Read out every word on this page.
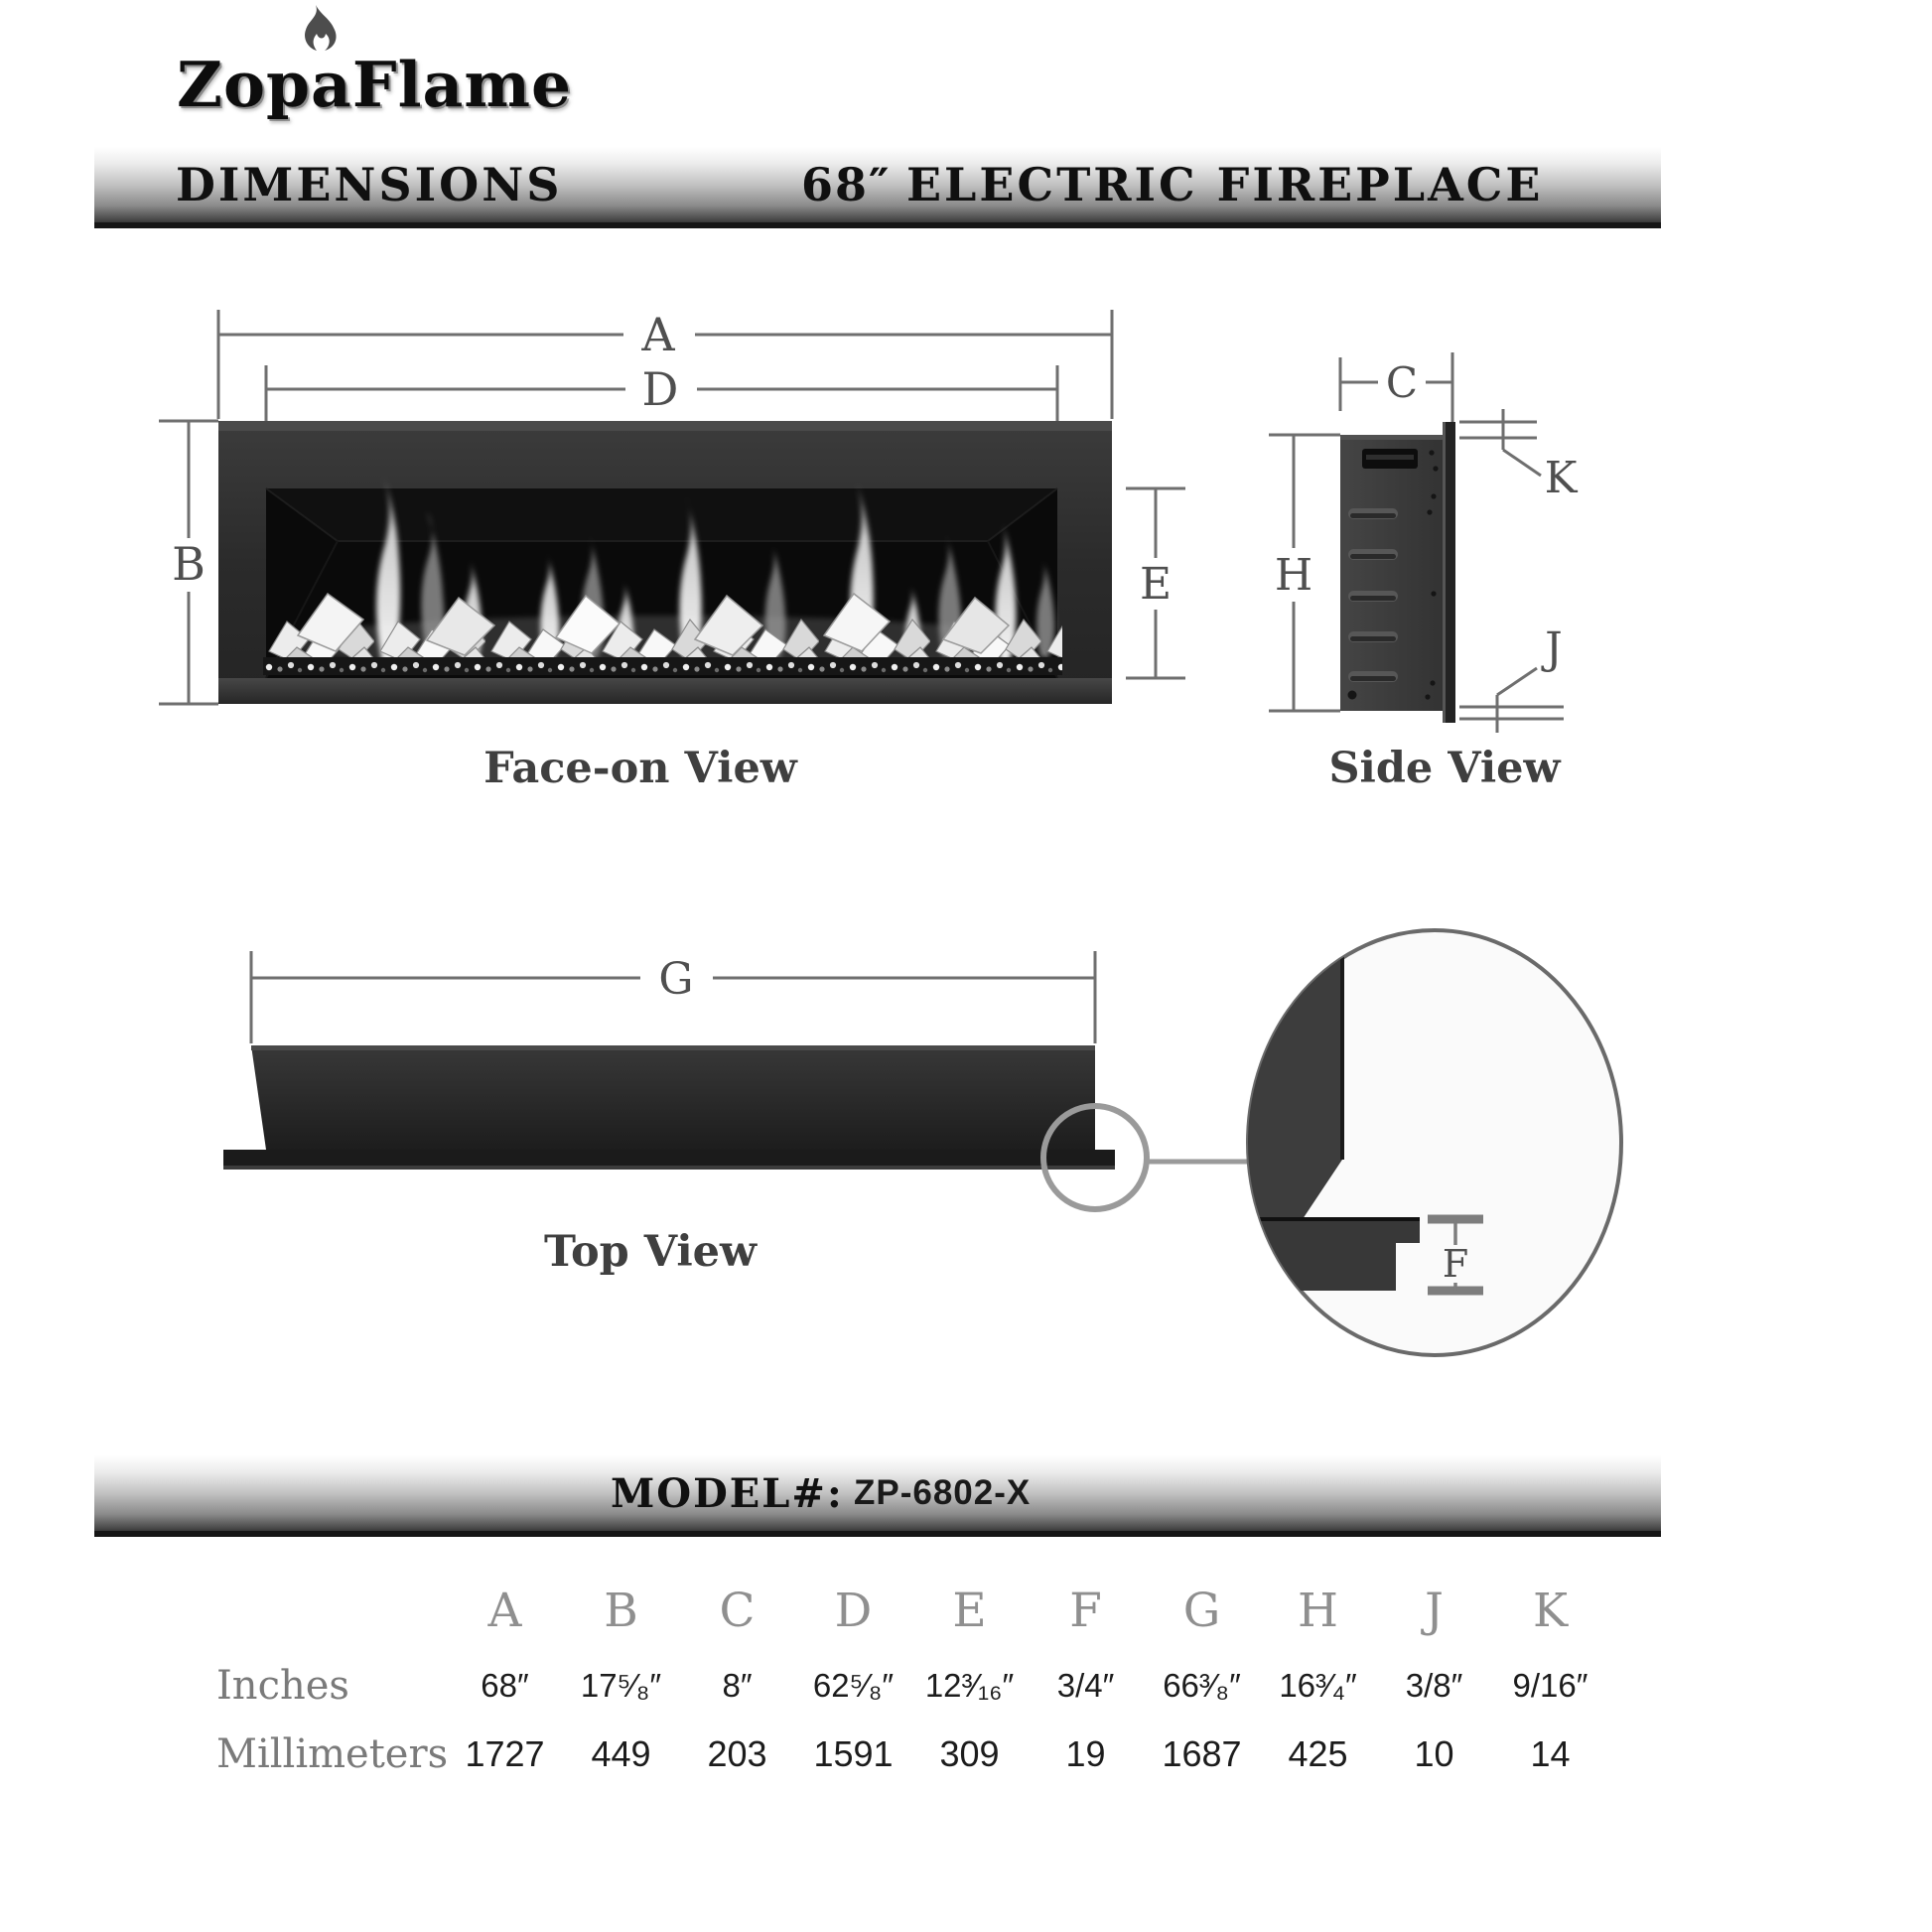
ZopaFlame
DIMENSIONS	68″ ELECTRIC FIREPLACE
A
D
B	E
Face-on View
C
H
K
J
Side View
G
F
Top View
MODEL#: ZP-6802-X
A	B	C	D	E	F	G	H	J	K
Inches	68″	17⁵⁄₈″	8″	62⁵⁄₈″ 12³⁄₁₆″	3/4″	66³⁄₈″	16³⁄₄″	3/8″	9/16″
Millimeters 1727	449	203	1591	309	19	1687	425	10	14
